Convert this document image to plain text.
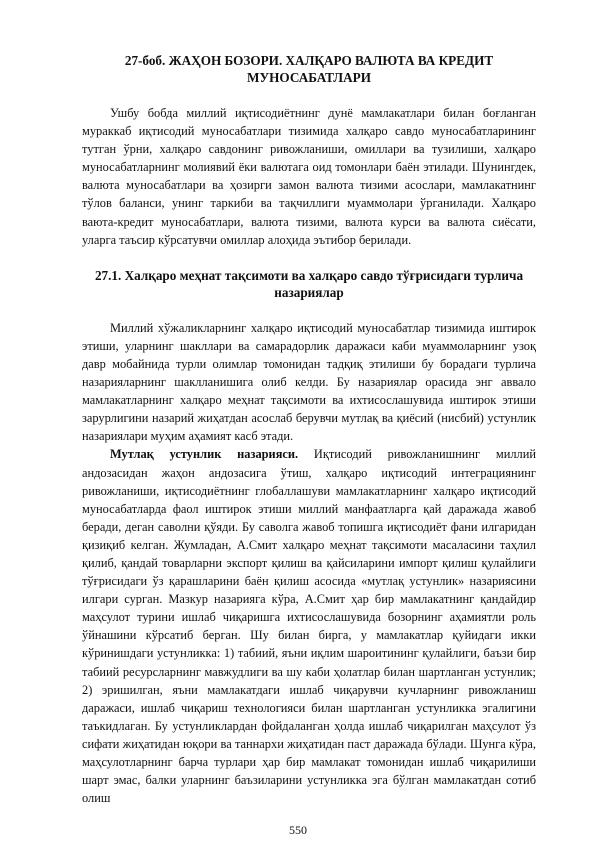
27-боб. ЖАҲОН БОЗОРИ. ХАЛҚАРО ВАЛЮТА ВА КРЕДИТ МУНОСАБАТЛАРИ

Ушбу бобда миллий иқтисодиётнинг дунё мамлакатлари билан боғланган мураккаб иқтисодий муносабатлари тизимида халқаро савдо муносабатларининг тутган ўрни, халқаро савдонинг ривожланиши, омиллари ва тузилиши, халқаро муносабатларнинг молиявий ёки валютага оид томонлари баён этилади. Шунингдек, валюта муносабатлари ва ҳозирги замон валюта тизими асослари, мамлакатнинг тўлов баланси, унинг таркиби ва тақчиллиги муаммолари ўрганилади. Халқаро ваюта-кредит муносабатлари, валюта тизими, валюта курси ва валюта сиёсати, уларга таъсир кўрсатувчи омиллар алоҳида эътибор берилади.

27.1. Халқаро меҳнат тақсимоти ва халқаро савдо тўғрисидаги турлича назариялар

Миллий хўжаликларнинг халқаро иқтисодий муносабатлар тизимида иштирок этиши, уларнинг шакллари ва самарадорлик даражаси каби муаммоларнинг узоқ давр мобайнида турли олимлар томонидан тадқиқ этилиши бу борадаги турлича назарияларнинг шаклланишига олиб келди. Бу назариялар орасида энг аввало мамлакатларнинг халқаро меҳнат тақсимоти ва ихтисослашувида иштирок этиши зарурлигини назарий жиҳатдан асослаб берувчи мутлақ ва қиёсий (нисбий) устунлик назариялари муҳим аҳамият касб этади.

Мутлақ устунлик назарияси. Иқтисодий ривожланишнинг миллий андозасидан жаҳон андозасига ўтиш, халқаро иқтисодий интеграциянинг ривожланиши, иқтисодиётнинг глобаллашуви мамлакатларнинг халқаро иқтисодий муносабатларда фаол иштирок этиши миллий манфаатларга қай даражада жавоб беради, деган саволни қўяди. Бу саволга жавоб топишга иқтисодиёт фани илгаридан қизиқиб келган. Жумладан, А.Смит халқаро меҳнат тақсимоти масаласини таҳлил қилиб, қандай товарларни экспорт қилиш ва қайсиларини импорт қилиш қулайлиги тўғрисидаги ўз қарашларини баён қилиш асосида «мутлақ устунлик» назариясини илгари сурган. Мазкур назарияга кўра, А.Смит ҳар бир мамлакатнинг қандайдир маҳсулот турини ишлаб чиқаришга ихтисослашувида бозорнинг аҳамиятли роль ўйнашини кўрсатиб берган. Шу билан бирга, у мамлакатлар қуйидаги икки кўринишдаги устунликка: 1) табиий, яъни иқлим шароитининг қулайлиги, баъзи бир табиий ресурсларнинг мавжудлиги ва шу каби ҳолатлар билан шартланган устунлик; 2) эришилган, яъни мамлакатдаги ишлаб чиқарувчи кучларнинг ривожланиш даражаси, ишлаб чиқариш технологияси билан шартланган устунликка эгалигини таъкидлаган. Бу устунликлардан фойдаланган ҳолда ишлаб чиқарилган маҳсулот ўз сифати жиҳатидан юқори ва таннархи жиҳатидан паст даражада бўлади. Шунга кўра, маҳсулотларнинг барча турлари ҳар бир мамлакат томонидан ишлаб чиқарилиши шарт эмас, балки уларнинг баъзиларини устунликка эга бўлган мамлакатдан сотиб олиш

550
